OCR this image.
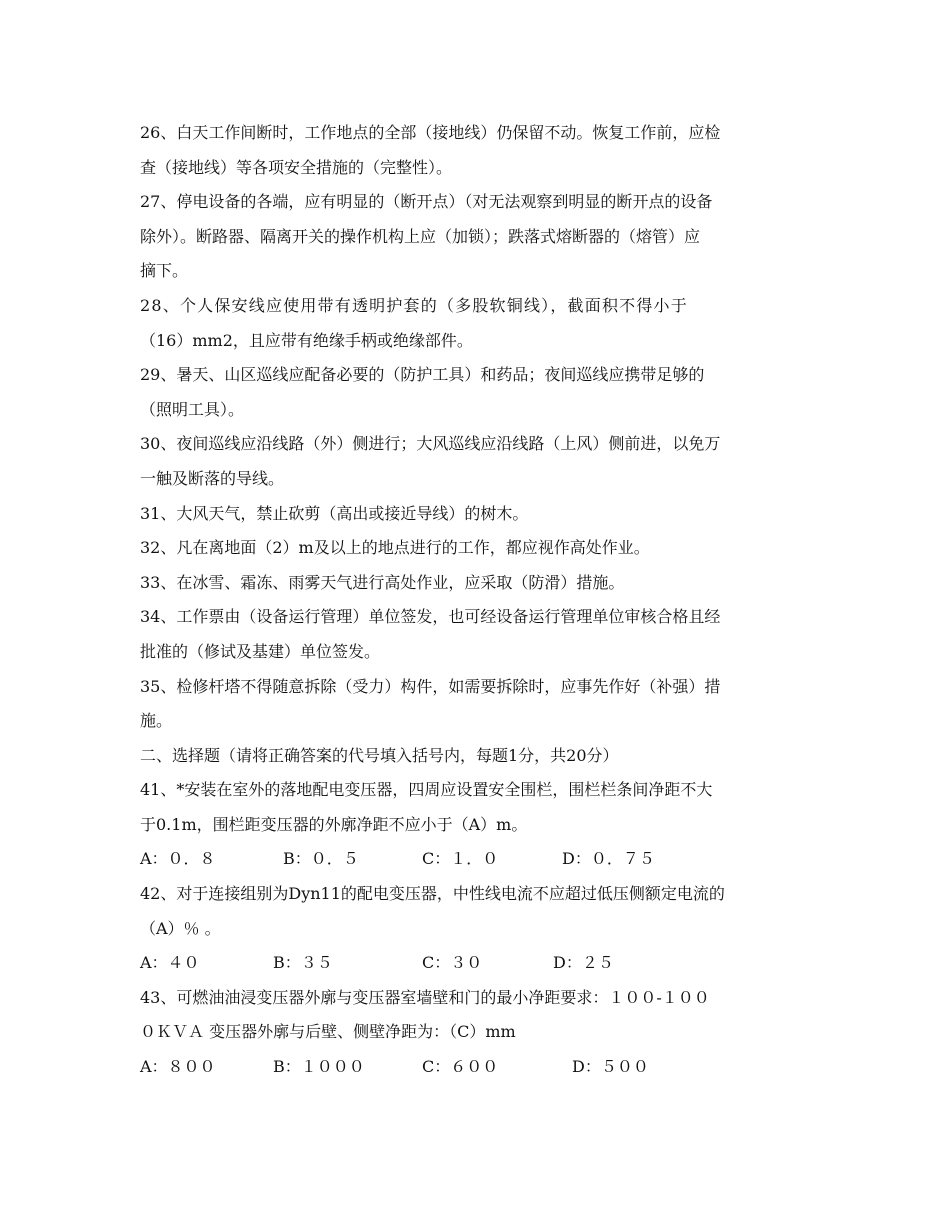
26、白天工作间断时，工作地点的全部（接地线）仍保留不动。恢复工作前，应检
查（接地线）等各项安全措施的（完整性）。
27、停电设备的各端，应有明显的（断开点）（对无法观察到明显的断开点的设备
除外）。断路器、隔离开关的操作机构上应（加锁）；跌落式熔断器的（熔管）应
摘下。
28、个人保安线应使用带有透明护套的（多股软铜线），截面积不得小于
（16）mm2，且应带有绝缘手柄或绝缘部件。
29、暑天、山区巡线应配备必要的（防护工具）和药品；夜间巡线应携带足够的
（照明工具）。
30、夜间巡线应沿线路（外）侧进行；大风巡线应沿线路（上风）侧前进，以免万
一触及断落的导线。
31、大风天气，禁止砍剪（高出或接近导线）的树木。
32、凡在离地面（2）m及以上的地点进行的工作，都应视作高处作业。
33、在冰雪、霜冻、雨雾天气进行高处作业，应采取（防滑）措施。
34、工作票由（设备运行管理）单位签发，也可经设备运行管理单位审核合格且经
批准的（修试及基建）单位签发。
35、检修杆塔不得随意拆除（受力）构件，如需要拆除时，应事先作好（补强）措
施。
二、选择题（请将正确答案的代号填入括号内，每题1分，共20分）
41、*安装在室外的落地配电变压器，四周应设置安全围栏，围栏栏条间净距不大
于0.1m，围栏距变压器的外廓净距不应小于（A）m。
A：０．８	B：０．５	C：１．０	D：０．７５
42、对于连接组别为Dyn11的配电变压器，中性线电流不应超过低压侧额定电流的
（A）％ 。
A：４０	B：３５	C：３０	D：２５
43、可燃油油浸变压器外廓与变压器室墙壁和门的最小净距要求：１００-１００
０ＫＶＡ 变压器外廓与后壁、侧壁净距为：（C）mm
A：８００	B：１０００	C：６００	D：５００
